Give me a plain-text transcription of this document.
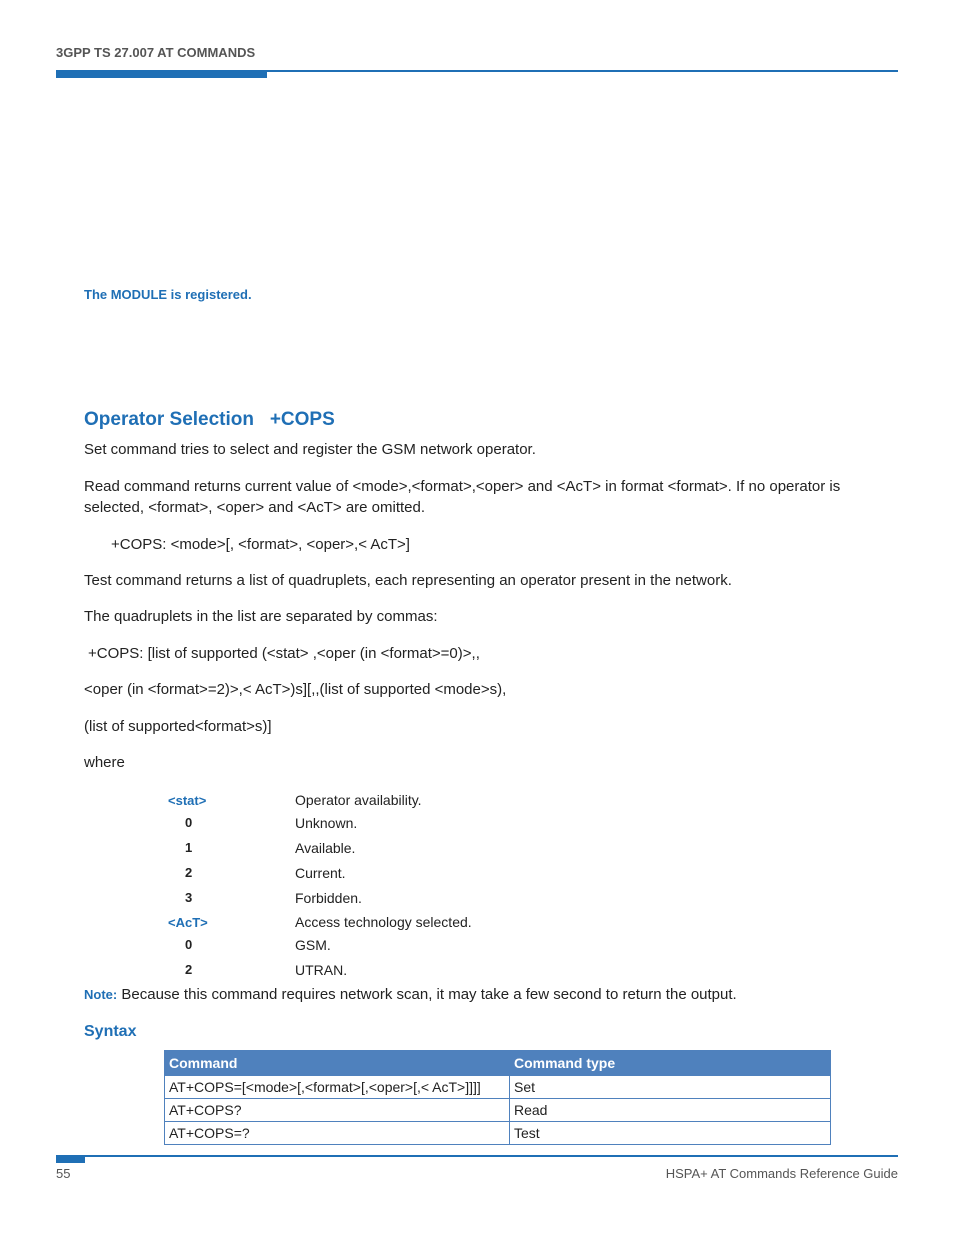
3GPP TS 27.007 AT COMMANDS
The MODULE is registered.
Operator Selection   +COPS
Set command tries to select and register the GSM network operator.
Read command returns current value of <mode>,<format>,<oper> and <AcT> in format <format>. If no operator is
selected, <format>, <oper> and <AcT> are omitted.
+COPS: <mode>[, <format>, <oper>,< AcT>]
Test command returns a list of quadruplets, each representing an operator present in the network.
The quadruplets in the list are separated by commas:
+COPS: [list of supported (<stat> ,<oper (in <format>=0)>,,
<oper (in <format>=2)>,< AcT>)s][,,(list of supported <mode>s),
(list of supported<format>s)]
where
<stat>	Operator availability.
0	Unknown.
1	Available.
2	Current.
3	Forbidden.
<AcT>	Access technology selected.
0	GSM.
2	UTRAN.
Note: Because this command requires network scan, it may take a few second to return the output.
Syntax
Command	Command type
AT+COPS=[<mode>[,<format>[,<oper>[,< AcT>]]]]	Set
AT+COPS?	Read
AT+COPS=?	Test
55	HSPA+ AT Commands Reference Guide
